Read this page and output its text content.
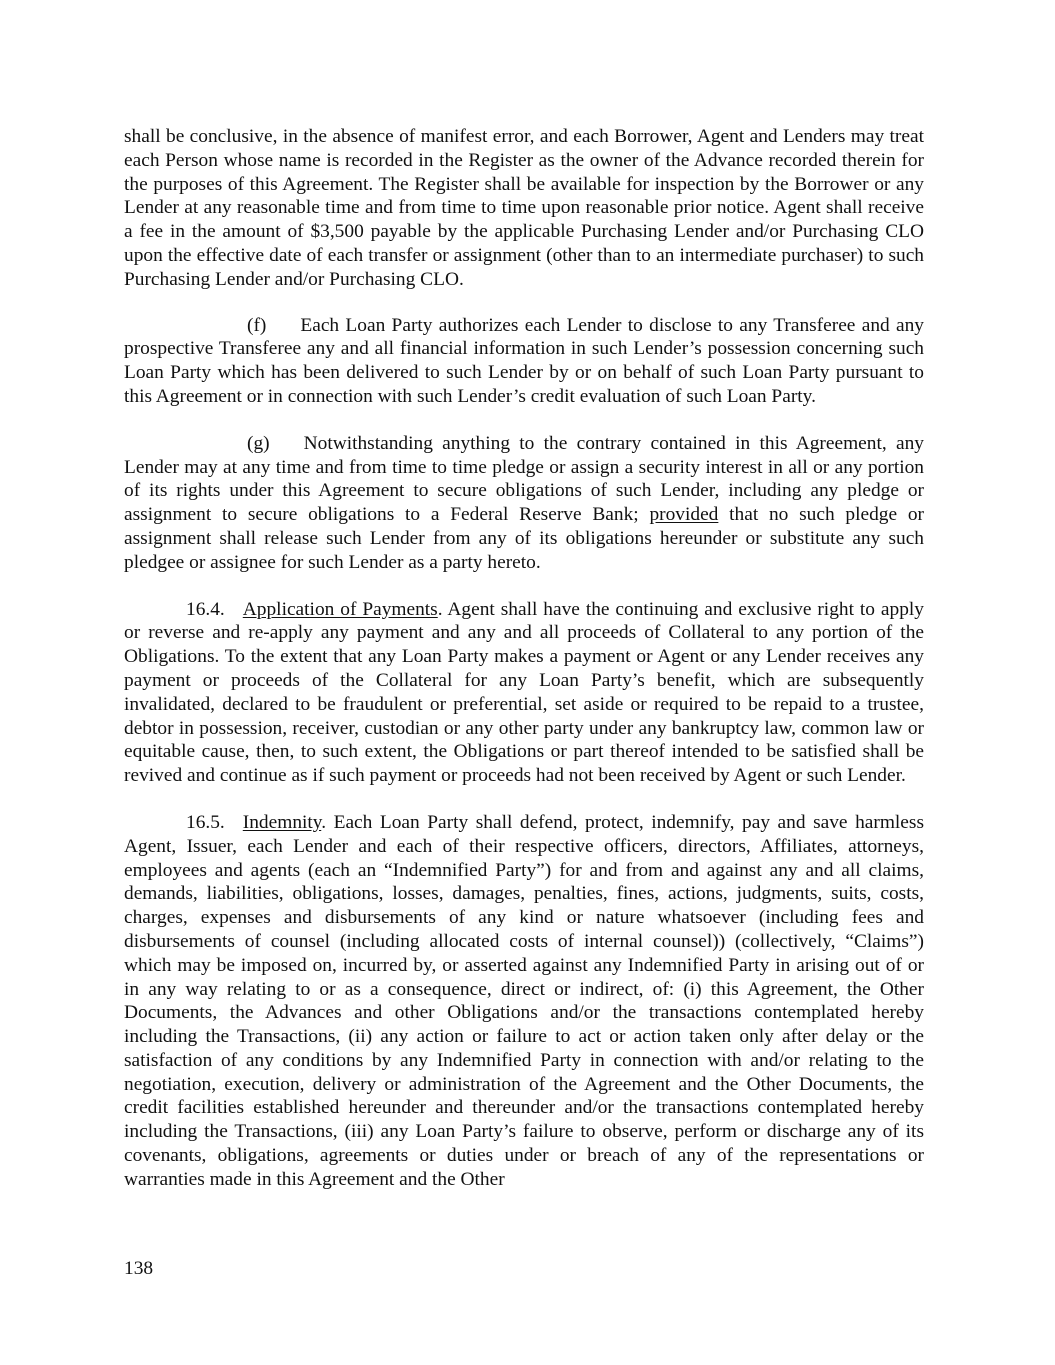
shall be conclusive, in the absence of manifest error, and each Borrower, Agent and Lenders may treat each Person whose name is recorded in the Register as the owner of the Advance recorded therein for the purposes of this Agreement. The Register shall be available for inspection by the Borrower or any Lender at any reasonable time and from time to time upon reasonable prior notice. Agent shall receive a fee in the amount of $3,500 payable by the applicable Purchasing Lender and/or Purchasing CLO upon the effective date of each transfer or assignment (other than to an intermediate purchaser) to such Purchasing Lender and/or Purchasing CLO.

(f) Each Loan Party authorizes each Lender to disclose to any Transferee and any prospective Transferee any and all financial information in such Lender’s possession concerning such Loan Party which has been delivered to such Lender by or on behalf of such Loan Party pursuant to this Agreement or in connection with such Lender’s credit evaluation of such Loan Party.

(g) Notwithstanding anything to the contrary contained in this Agreement, any Lender may at any time and from time to time pledge or assign a security interest in all or any portion of its rights under this Agreement to secure obligations of such Lender, including any pledge or assignment to secure obligations to a Federal Reserve Bank; provided that no such pledge or assignment shall release such Lender from any of its obligations hereunder or substitute any such pledgee or assignee for such Lender as a party hereto.

16.4. Application of Payments. Agent shall have the continuing and exclusive right to apply or reverse and re-apply any payment and any and all proceeds of Collateral to any portion of the Obligations. To the extent that any Loan Party makes a payment or Agent or any Lender receives any payment or proceeds of the Collateral for any Loan Party’s benefit, which are subsequently invalidated, declared to be fraudulent or preferential, set aside or required to be repaid to a trustee, debtor in possession, receiver, custodian or any other party under any bankruptcy law, common law or equitable cause, then, to such extent, the Obligations or part thereof intended to be satisfied shall be revived and continue as if such payment or proceeds had not been received by Agent or such Lender.

16.5. Indemnity. Each Loan Party shall defend, protect, indemnify, pay and save harmless Agent, Issuer, each Lender and each of their respective officers, directors, Affiliates, attorneys, employees and agents (each an “Indemnified Party”) for and from and against any and all claims, demands, liabilities, obligations, losses, damages, penalties, fines, actions, judgments, suits, costs, charges, expenses and disbursements of any kind or nature whatsoever (including fees and disbursements of counsel (including allocated costs of internal counsel)) (collectively, “Claims”) which may be imposed on, incurred by, or asserted against any Indemnified Party in arising out of or in any way relating to or as a consequence, direct or indirect, of: (i) this Agreement, the Other Documents, the Advances and other Obligations and/or the transactions contemplated hereby including the Transactions, (ii) any action or failure to act or action taken only after delay or the satisfaction of any conditions by any Indemnified Party in connection with and/or relating to the negotiation, execution, delivery or administration of the Agreement and the Other Documents, the credit facilities established hereunder and thereunder and/or the transactions contemplated hereby including the Transactions, (iii) any Loan Party’s failure to observe, perform or discharge any of its covenants, obligations, agreements or duties under or breach of any of the representations or warranties made in this Agreement and the Other

138
